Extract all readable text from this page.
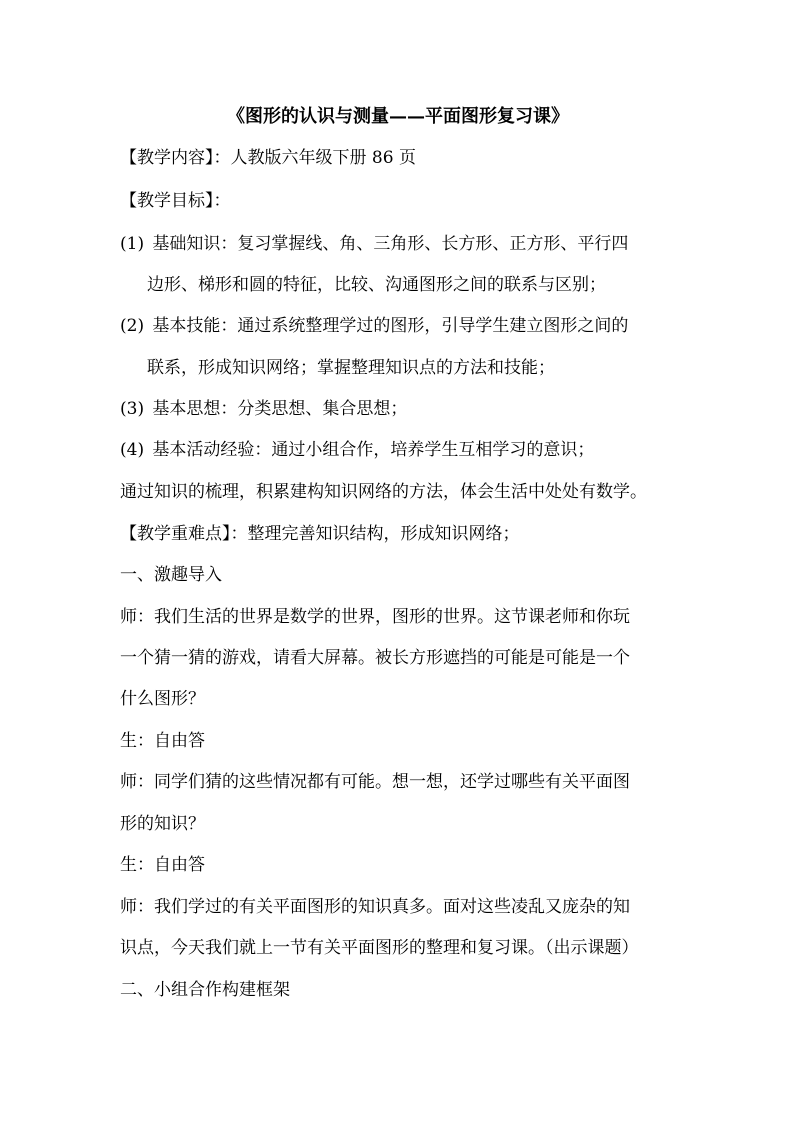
《图形的认识与测量——平面图形复习课》
【教学内容】：人教版六年级下册 86 页
【教学目标】：
(1) 基础知识：复习掌握线、角、三角形、长方形、正方形、平行四
边形、梯形和圆的特征，比较、沟通图形之间的联系与区别；
(2) 基本技能：通过系统整理学过的图形，引导学生建立图形之间的
联系，形成知识网络；掌握整理知识点的方法和技能；
(3) 基本思想：分类思想、集合思想；
(4) 基本活动经验：通过小组合作，培养学生互相学习的意识；
通过知识的梳理，积累建构知识网络的方法，体会生活中处处有数学。
【教学重难点】：整理完善知识结构，形成知识网络；
一、激趣导入
师：我们生活的世界是数学的世界，图形的世界。这节课老师和你玩
一个猜一猜的游戏，请看大屏幕。被长方形遮挡的可能是可能是一个
什么图形？
生：自由答
师：同学们猜的这些情况都有可能。想一想，还学过哪些有关平面图
形的知识？
生：自由答
师：我们学过的有关平面图形的知识真多。面对这些凌乱又庞杂的知
识点，今天我们就上一节有关平面图形的整理和复习课。（出示课题）
二、小组合作构建框架
